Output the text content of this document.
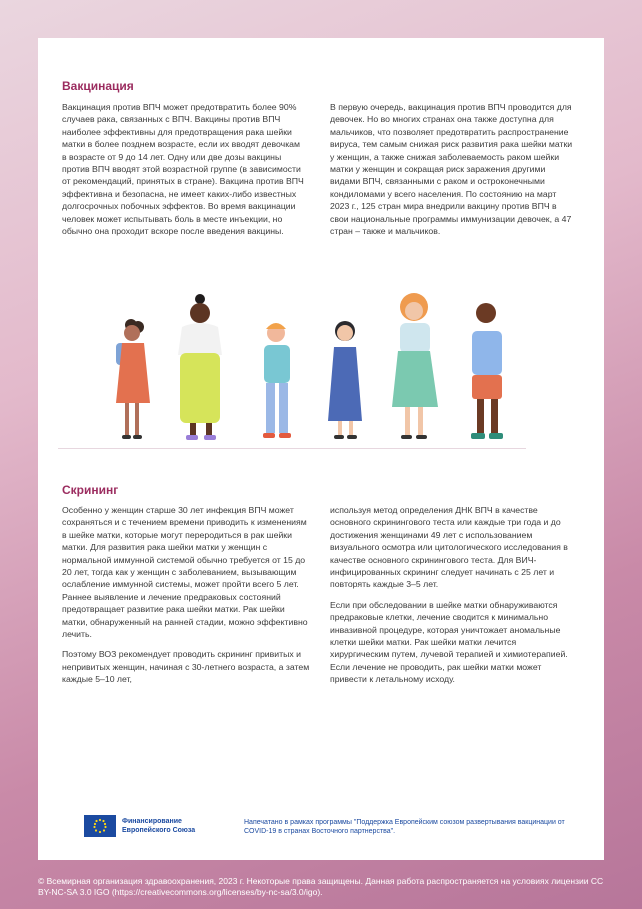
Вакцинация

Вакцинация против ВПЧ может предотвратить более 90% случаев рака, связанных с ВПЧ. Вакцины против ВПЧ наиболее эффективны для предотвращения рака шейки матки в более позднем возрасте, если их вводят девочкам в возрасте от 9 до 14 лет. Одну или две дозы вакцины против ВПЧ вводят этой возрастной группе (в зависимости от рекомендаций, принятых в стране). Вакцина против ВПЧ эффективна и безопасна, не имеет каких-либо известных долгосрочных побочных эффектов. Во время вакцинации человек может испытывать боль в месте инъекции, но обычно она проходит вскоре после введения вакцины.

В первую очередь, вакцинация против ВПЧ проводится для девочек. Но во многих странах она также доступна для мальчиков, что позволяет предотвратить распространение вируса, тем самым снижая риск развития рака шейки матки у женщин, а также снижая заболеваемость раком шейки матки у женщин и сокращая риск заражения другими видами ВПЧ, связанными с раком и остроконечными кондиломами у всего населения. По состоянию на март 2023 г., 125 стран мира внедрили вакцину против ВПЧ в свои национальные программы иммунизации девочек, а 47 стран – также и мальчиков.

Скрининг

Особенно у женщин старше 30 лет инфекция ВПЧ может сохраняться и с течением времени приводить к изменениям в шейке матки, которые могут переродиться в рак шейки матки. Для развития рака шейки матки у женщин с нормальной иммунной системой обычно требуется от 15 до 20 лет, тогда как у женщин с заболеванием, вызывающим ослабление иммунной системы, может пройти всего 5 лет. Раннее выявление и лечение предраковых состояний предотвращает развитие рака шейки матки. Рак шейки матки, обнаруженный на ранней стадии, можно эффективно лечить.

Поэтому ВОЗ рекомендует проводить скрининг привитых и непривитых женщин, начиная с 30-летнего возраста, а затем каждые 5–10 лет,

используя метод определения ДНК ВПЧ в качестве основного скринингового теста или каждые три года и до достижения женщинами 49 лет с использованием визуального осмотра или цитологического исследования в качестве основного скринингового теста. Для ВИЧ-инфицированных скрининг следует начинать с 25 лет и повторять каждые 3–5 лет.

Если при обследовании в шейке матки обнаруживаются предраковые клетки, лечение сводится к минимально инвазивной процедуре, которая уничтожает аномальные клетки шейки матки. Рак шейки матки лечится хирургическим путем, лучевой терапией и химиотерапией. Если лечение не проводить, рак шейки матки может привести к летальному исходу.

Финансирование
Европейского Союза
Напечатано в рамках программы "Поддержка Европейским союзом развертывания вакцинации от COVID-19 в странах Восточного партнерства".
© Всемирная организация здравоохранения, 2023 г. Некоторые права защищены. Данная работа распространяется на условиях лицензии CC BY-NC-SA 3.0 IGO (https://creativecommons.org/licenses/by-nc-sa/3.0/igo).
